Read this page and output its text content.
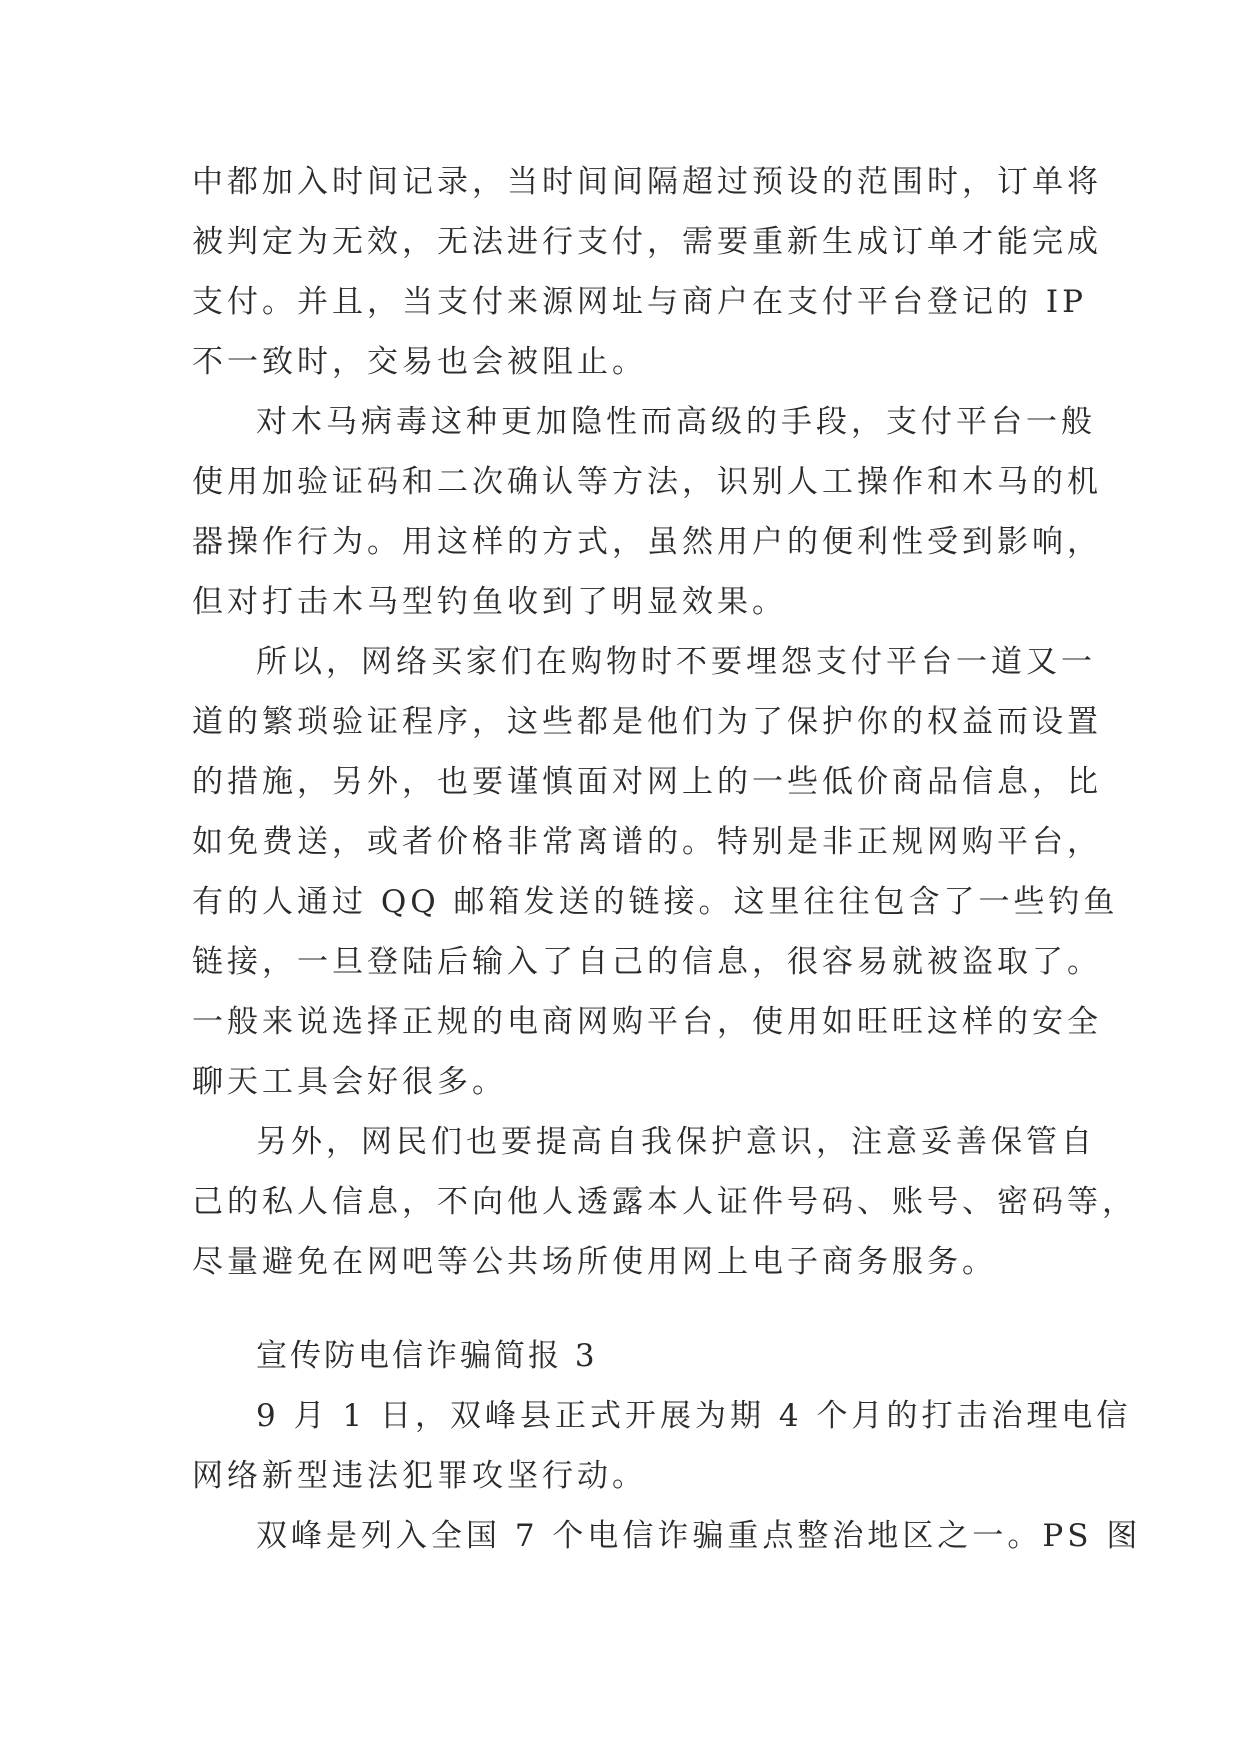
中都加入时间记录，当时间间隔超过预设的范围时，订单将
被判定为无效，无法进行支付，需要重新生成订单才能完成
支付。并且，当支付来源网址与商户在支付平台登记的 IP
不一致时，交易也会被阻止。
对木马病毒这种更加隐性而高级的手段，支付平台一般
使用加验证码和二次确认等方法，识别人工操作和木马的机
器操作行为。用这样的方式，虽然用户的便利性受到影响，
但对打击木马型钓鱼收到了明显效果。
所以，网络买家们在购物时不要埋怨支付平台一道又一
道的繁琐验证程序，这些都是他们为了保护你的权益而设置
的措施，另外，也要谨慎面对网上的一些低价商品信息，比
如免费送，或者价格非常离谱的。特别是非正规网购平台，
有的人通过 QQ 邮箱发送的链接。这里往往包含了一些钓鱼
链接，一旦登陆后输入了自己的信息，很容易就被盗取了。
一般来说选择正规的电商网购平台，使用如旺旺这样的安全
聊天工具会好很多。
另外，网民们也要提高自我保护意识，注意妥善保管自
己的私人信息，不向他人透露本人证件号码、账号、密码等，
尽量避免在网吧等公共场所使用网上电子商务服务。
宣传防电信诈骗简报 3
9 月 1 日，双峰县正式开展为期 4 个月的打击治理电信
网络新型违法犯罪攻坚行动。
双峰是列入全国 7 个电信诈骗重点整治地区之一。PS 图
